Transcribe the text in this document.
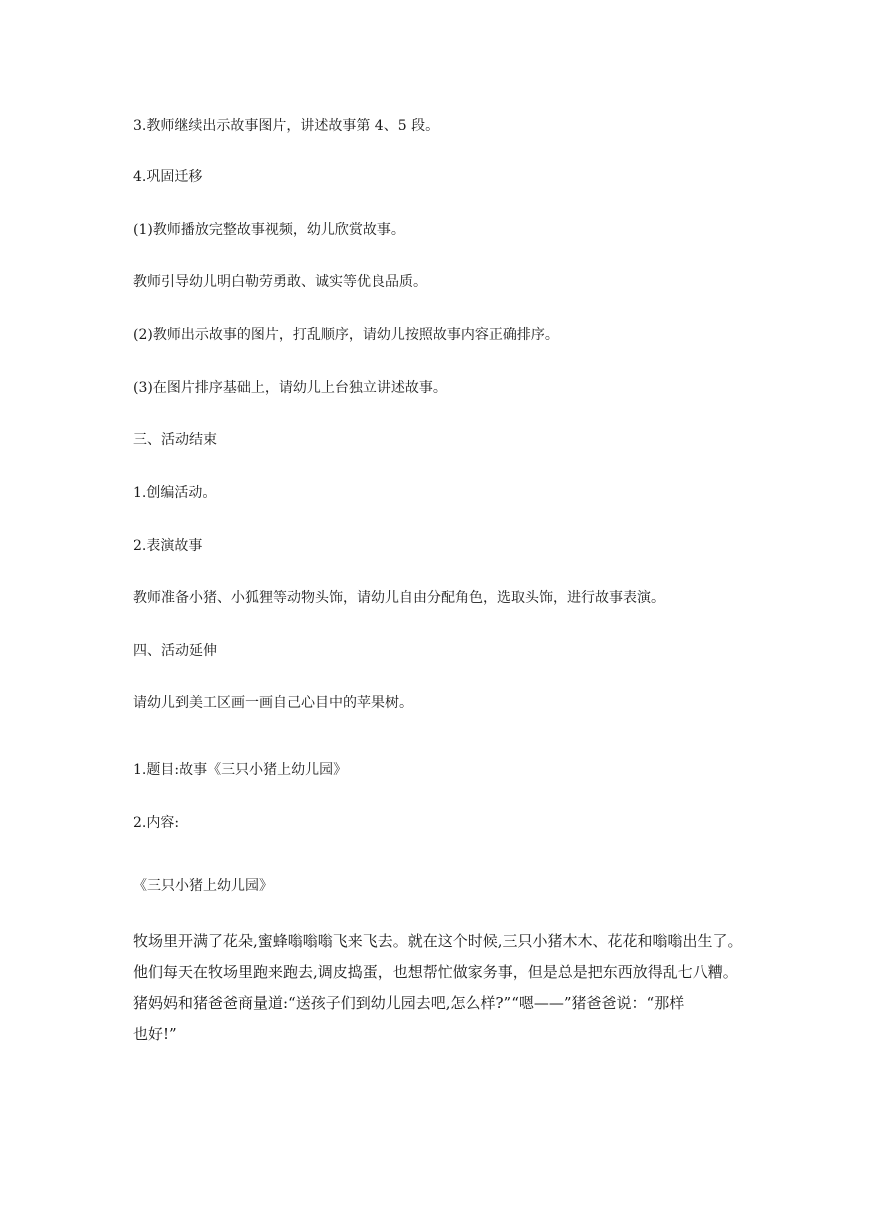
3.教师继续出示故事图片，讲述故事第 4、5 段。

4.巩固迁移

(1)教师播放完整故事视频，幼儿欣赏故事。

教师引导幼儿明白勒劳勇敢、诚实等优良品质。

(2)教师出示故事的图片，打乱顺序，请幼儿按照故事内容正确排序。

(3)在图片排序基础上，请幼儿上台独立讲述故事。

三、活动结束

1.创编活动。

2.表演故事

教师准备小猪、小狐狸等动物头饰，请幼儿自由分配角色，选取头饰，进行故事表演。

四、活动延伸

请幼儿到美工区画一画自己心目中的苹果树。

1.题目:故事《三只小猪上幼儿园》

2.内容:

《三只小猪上幼儿园》

牧场里开满了花朵,蜜蜂嗡嗡嗡飞来飞去。就在这个时候,三只小猪木木、花花和嗡嗡出生了。
他们每天在牧场里跑来跑去,调皮捣蛋，也想帮忙做家务事，但是总是把东西放得乱七八糟。
猪妈妈和猪爸爸商量道:“送孩子们到幼儿园去吧,怎么样?”“嗯——”猪爸爸说：“那样
也好!”
